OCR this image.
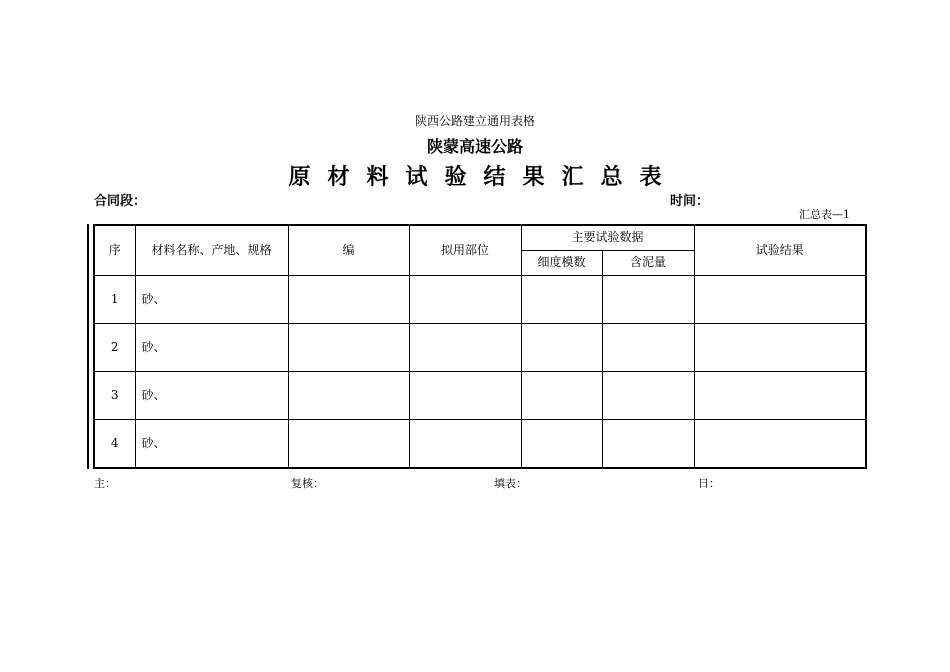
陕西公路建立通用表格
陕蒙高速公路
原材料试验结果汇总表
合同段：	时间：
汇总表—1
序	材料名称、产地、规格	编	拟用部位	主要试验数据		试验结果
				细度模数	含泥量	
1	砂、					
2	砂、					
3	砂、					
4	砂、					
主：	复核：	填表：	日：
